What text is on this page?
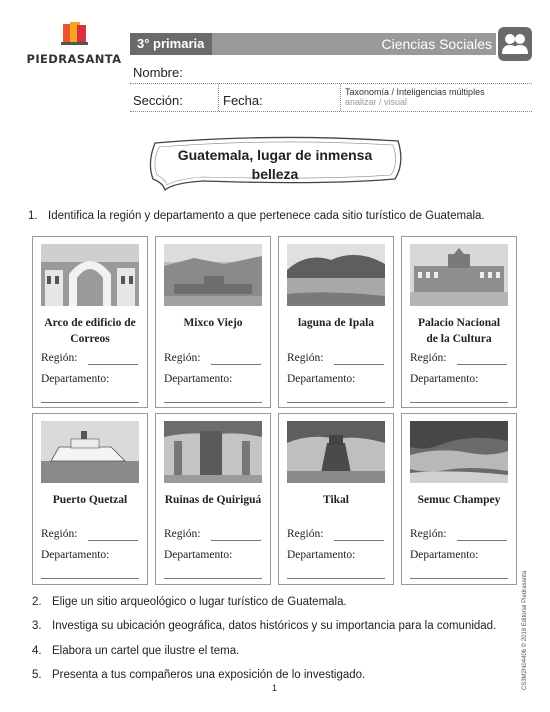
PIEDRASANTA
3° primaria	Ciencias Sociales
Nombre:
Sección:	Fecha:
Taxonomía / Inteligencias múltiples
analizar / visual
Guatemala, lugar de inmensa
belleza
1. Identifica la región y departamento a que pertenece cada sitio turístico de Guatemala.
Arco de edificio de
Correos
Región:
Departamento:
Mixco Viejo
Región:
Departamento:
laguna de Ipala
Región:
Departamento:
Palacio Nacional
de la Cultura
Región:
Departamento:
Puerto Quetzal
Región:
Departamento:
Ruinas de Quiriguá
Región:
Departamento:
Tikal
Región:
Departamento:
Semuc Champey
Región:
Departamento:
2. Elige un sitio arqueológico o lugar turístico de Guatemala.
3. Investiga su ubicación geográfica, datos históricos y su importancia para la comunidad.
4. Elabora un cartel que ilustre el tema.
5. Presenta a tus compañeros una exposición de lo investigado.	CS3M2N04406 © 2018 Editorial Piedrasanta
1
